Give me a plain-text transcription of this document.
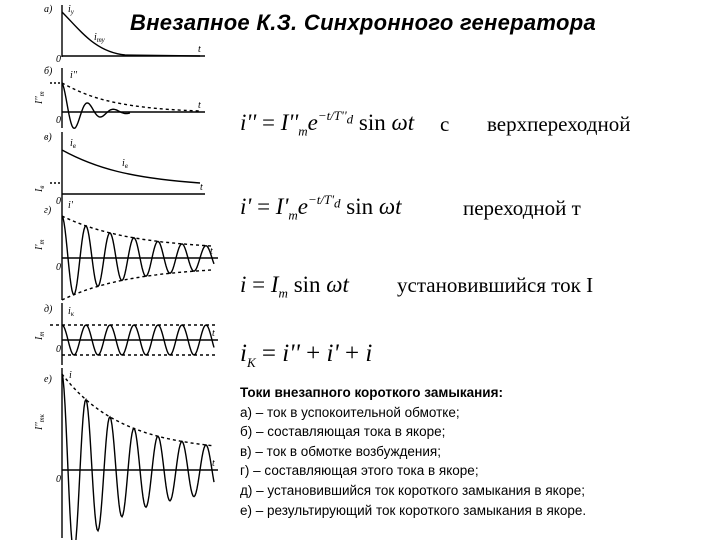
Внезапное К.З. Синхронного генератора
а) $i_у$
$i_{ту}$
0
t
б) i''
$I''_m$
0
t
в)
$i_в$
$i_в$
$I_в$
0
t
г) i'
$I'_m$
0
t
д) $i_к$
$I_m$
0
t
е) i
$I''_{mк}$
0
t
$i'' = I''_me^{-t/T''_d}$ sin ωt с верхпереходной
$i' = I'_me^{-t/T'_d}$ sin ωt	переходной т
$i = I_m$ sin ωt установившийся ток I
$i_K = i'' + i' + i$
Токи внезапного короткого замыкания:
а) – ток в успокоительной обмотке;
б) – составляющая тока в якоре;
в) – ток в обмотке возбуждения;
г) – составляющая этого тока в якоре;
д) – установившийся ток короткого замыкания в якоре;
е) – результирующий ток короткого замыкания в якоре.
